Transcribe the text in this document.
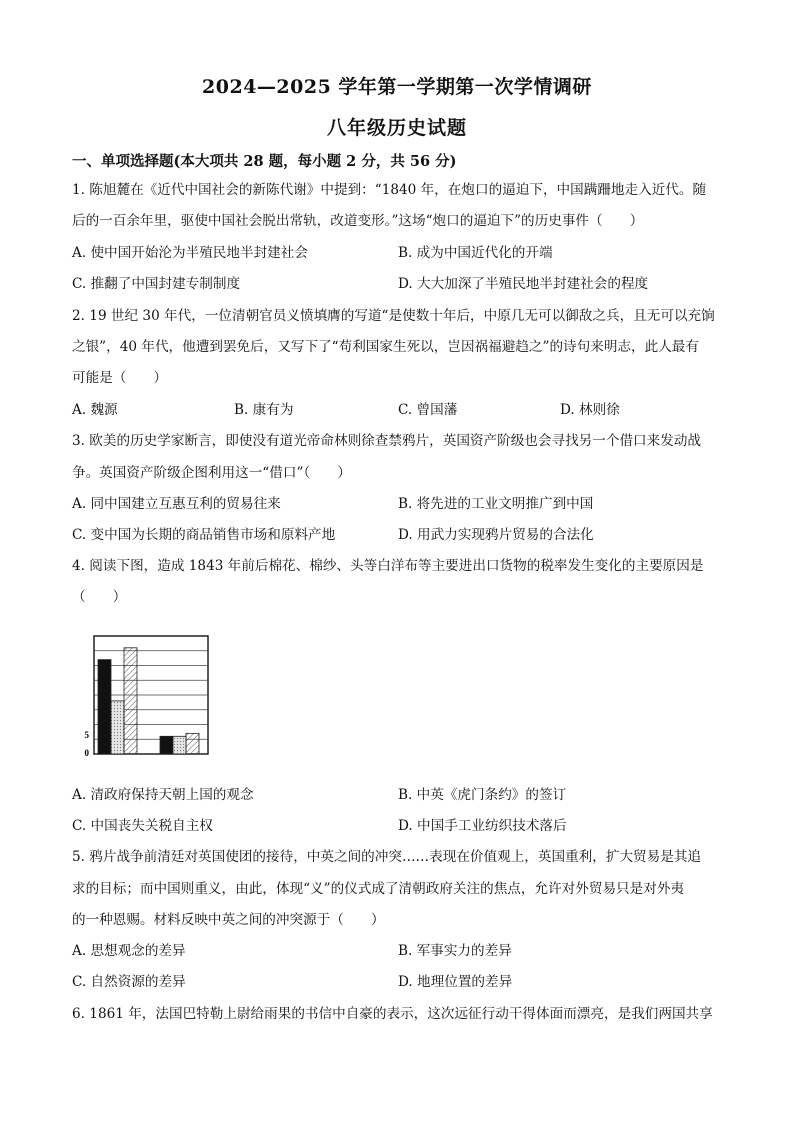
2024—2025 学年第一学期第一次学情调研
八年级历史试题
一、单项选择题(本大项共 28 题，每小题 2 分，共 56 分)
1. 陈旭麓在《近代中国社会的新陈代谢》中提到：“1840 年，在炮口的逼迫下，中国蹒跚地走入近代。随
后的一百余年里，驱使中国社会脱出常轨，改道变形。”这场“炮口的逼迫下”的历史事件（　　）
A. 使中国开始沦为半殖民地半封建社会	B. 成为中国近代化的开端
C. 推翻了中国封建专制制度	D. 大大加深了半殖民地半封建社会的程度
2. 19 世纪 30 年代，一位清朝官员义愤填膺的写道“是使数十年后，中原几无可以御敌之兵，且无可以充饷
之银”，40 年代，他遭到罢免后，又写下了“苟利国家生死以，岂因祸福避趋之”的诗句来明志，此人最有
可能是（　　）
A. 魏源	B. 康有为	C. 曾国藩	D. 林则徐
3. 欧美的历史学家断言，即使没有道光帝命林则徐查禁鸦片，英国资产阶级也会寻找另一个借口来发动战
争。英国资产阶级企图利用这一“借口”（　　）
A. 同中国建立互惠互利的贸易往来	B. 将先进的工业文明推广到中国
C. 变中国为长期的商品销售市场和原料产地	D. 用武力实现鸦片贸易的合法化
4. 阅读下图，造成 1843 年前后棉花、棉纱、头等白洋布等主要进出口货物的税率发生变化的主要原因是
（　　）
5
0
A. 清政府保持天朝上国的观念	B. 中英《虎门条约》的签订
C. 中国丧失关税自主权	D. 中国手工业纺织技术落后
5. 鸦片战争前清廷对英国使团的接待，中英之间的冲突……表现在价值观上，英国重利，扩大贸易是其追
求的目标；而中国则重义，由此，体现“义”的仪式成了清朝政府关注的焦点，允许对外贸易只是对外夷
的一种恩赐。材料反映中英之间的冲突源于（　　）
A. 思想观念的差异	B. 军事实力的差异
C. 自然资源的差异	D. 地理位置的差异
6. 1861 年，法国巴特勒上尉给雨果的书信中自豪的表示，这次远征行动干得体面而漂亮，是我们两国共享
